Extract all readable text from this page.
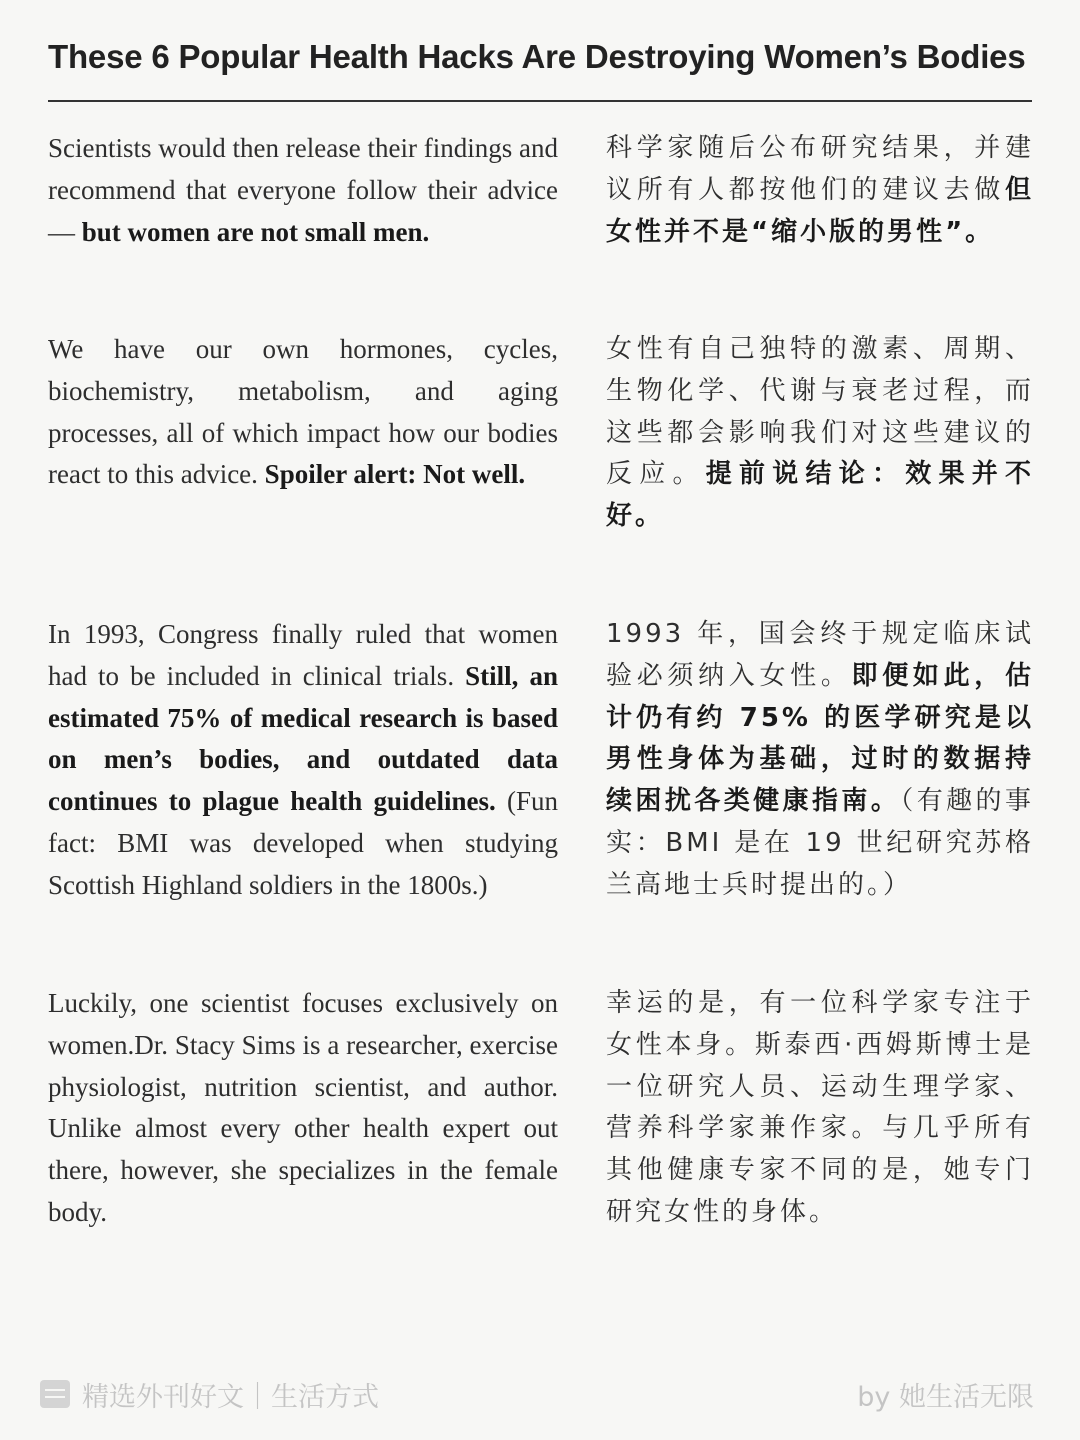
These 6 Popular Health Hacks Are Destroying Women’s Bodies

Scientists would then release their findings and recommend that everyone follow their advice — but women are not small men.

科学家随后公布研究结果，并建议所有人都按他们的建议去做但女性并不是“缩小版的男性”。

We have our own hormones, cycles, biochemistry, metabolism, and aging processes, all of which impact how our bodies react to this advice. Spoiler alert: Not well.

女性有自己独特的激素、周期、生物化学、代谢与衰老过程，而这些都会影响我们对这些建议的反应。提前说结论：效果并不好。

In 1993, Congress finally ruled that women had to be included in clinical trials. Still, an estimated 75% of medical research is based on men’s bodies, and outdated data continues to plague health guidelines. (Fun fact: BMI was developed when studying Scottish Highland soldiers in the 1800s.)

1993 年，国会终于规定临床试验必须纳入女性。即便如此，估计仍有约 75% 的医学研究是以男性身体为基础，过时的数据持续困扰各类健康指南。（有趣的事实：BMI 是在 19 世纪研究苏格兰高地士兵时提出的。）

Luckily, one scientist focuses exclusively on women.Dr. Stacy Sims is a researcher, exercise physiologist, nutrition scientist, and author. Unlike almost every other health expert out there, however, she specializes in the female body.

幸运的是，有一位科学家专注于女性本身。斯泰西·西姆斯博士是一位研究人员、运动生理学家、营养科学家兼作家。与几乎所有其他健康专家不同的是，她专门研究女性的身体。

精选外刊好文｜生活方式	by 她生活无限
